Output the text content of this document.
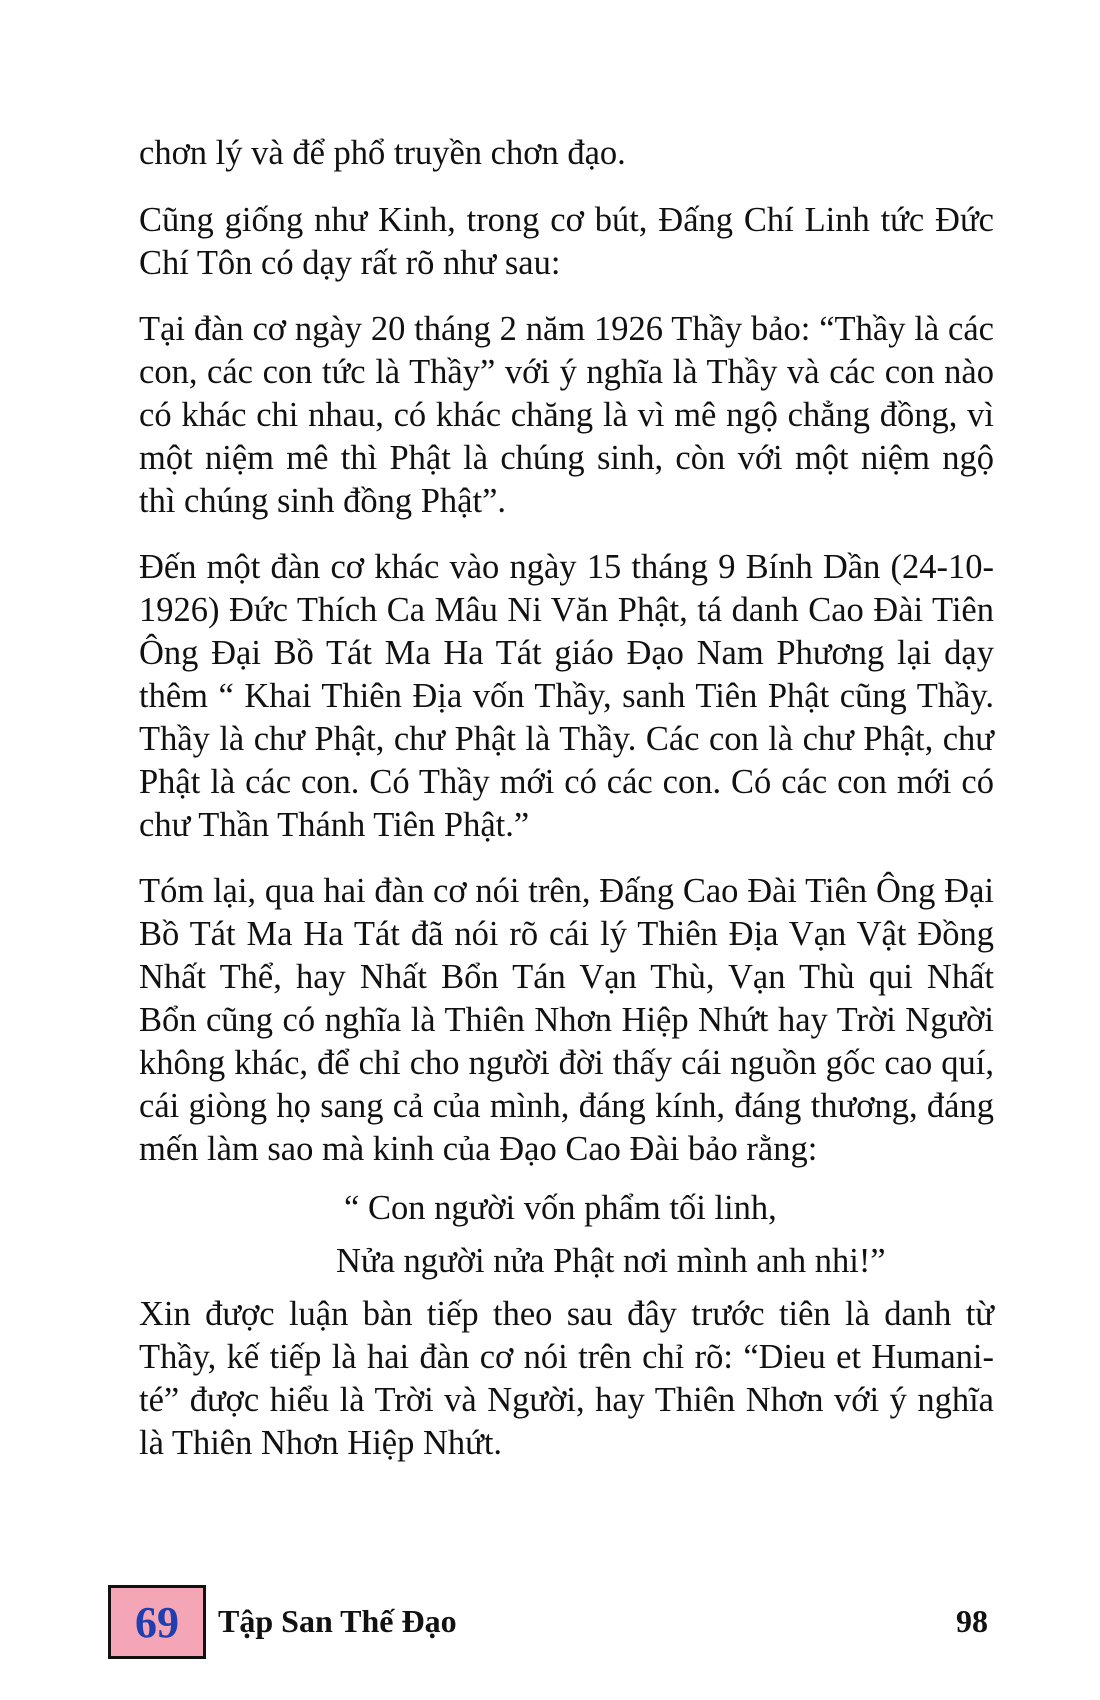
chơn lý và để phổ truyền chơn đạo.

Cũng giống như Kinh, trong cơ bút, Đấng Chí Linh tức Đức Chí Tôn có dạy rất rõ như sau:

Tại đàn cơ ngày 20 tháng 2 năm 1926 Thầy bảo: “Thầy là các con, các con tức là Thầy” với ý nghĩa là Thầy và các con nào có khác chi nhau, có khác chăng là vì mê ngộ chẳng đồng, vì một niệm mê thì Phật là chúng sinh, còn với một niệm ngộ thì chúng sinh đồng Phật”.

Đến một đàn cơ khác vào ngày 15 tháng 9 Bính Dần (24-10-1926) Đức Thích Ca Mâu Ni Văn Phật, tá danh Cao Đài Tiên Ông Đại Bồ Tát Ma Ha Tát giáo Đạo Nam Phương lại dạy thêm “ Khai Thiên Địa vốn Thầy, sanh Tiên Phật cũng Thầy. Thầy là chư Phật, chư Phật là Thầy. Các con là chư Phật, chư Phật là các con. Có Thầy mới có các con. Có các con mới có chư Thần Thánh Tiên Phật.”

Tóm lại, qua hai đàn cơ nói trên, Đấng Cao Đài Tiên Ông Đại Bồ Tát Ma Ha Tát đã nói rõ cái lý Thiên Địa Vạn Vật Đồng Nhất Thể, hay Nhất Bổn Tán Vạn Thù, Vạn Thù qui Nhất Bổn cũng có nghĩa là Thiên Nhơn Hiệp Nhứt hay Trời Người không khác, để chỉ cho người đời thấy cái nguồn gốc cao quí, cái giòng họ sang cả của mình, đáng kính, đáng thương, đáng mến làm sao mà kinh của Đạo Cao Đài bảo rằng:

“ Con người vốn phẩm tối linh,

Nửa người nửa Phật nơi mình anh nhi!”

Xin được luận bàn tiếp theo sau đây trước tiên là danh từ Thầy, kế tiếp là hai đàn cơ nói trên chỉ rõ: “Dieu et Humani-té” được hiểu là Trời và Người, hay Thiên Nhơn với ý nghĩa là Thiên Nhơn Hiệp Nhứt.

69 Tập San Thế Đạo	98
